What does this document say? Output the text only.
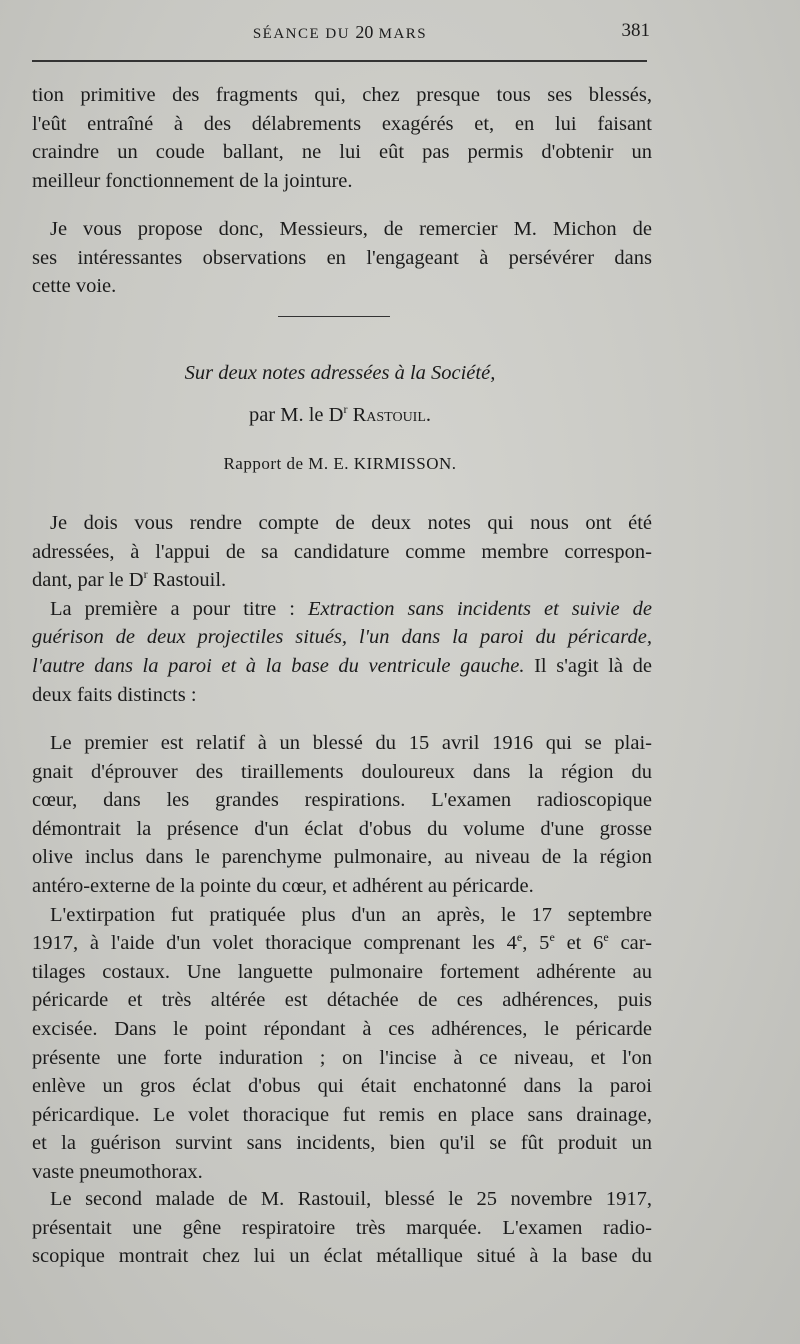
SÉANCE DU 20 MARS	381
tion primitive des fragments qui, chez presque tous ses blessés,
l'eût entraîné à des délabrements exagérés et, en lui faisant
craindre un coude ballant, ne lui eût pas permis d'obtenir un
meilleur fonctionnement de la jointure.
Je vous propose donc, Messieurs, de remercier M. Michon de
ses intéressantes observations en l'engageant à persévérer dans
cette voie.
Sur deux notes adressées à la Société,
par M. le $D^r$ Rastouil.
Rapport de M. E. KIRMISSON.
Je dois vous rendre compte de deux notes qui nous ont été
adressées, à l'appui de sa candidature comme membre correspon-
dant, par le $D^r$ Rastouil.
La première a pour titre : Extraction sans incidents et suivie de
guérison de deux projectiles situés, l'un dans la paroi du péricarde,
l'autre dans la paroi et à la base du ventricule gauche. Il s'agit là de
deux faits distincts :
Le premier est relatif à un blessé du 15 avril 1916 qui se plai-
gnait d'éprouver des tiraillements douloureux dans la région du
cœur, dans les grandes respirations. L'examen radioscopique
démontrait la présence d'un éclat d'obus du volume d'une grosse
olive inclus dans le parenchyme pulmonaire, au niveau de la région
antéro-externe de la pointe du cœur, et adhérent au péricarde.
L'extirpation fut pratiquée plus d'un an après, le 17 septembre
1917, à l'aide d'un volet thoracique comprenant les 4e, 5e et 6e car-
tilages costaux. Une languette pulmonaire fortement adhérente au
péricarde et très altérée est détachée de ces adhérences, puis
excisée. Dans le point répondant à ces adhérences, le péricarde
présente une forte induration ; on l'incise à ce niveau, et l'on
enlève un gros éclat d'obus qui était enchatonné dans la paroi
péricardique. Le volet thoracique fut remis en place sans drainage,
et la guérison survint sans incidents, bien qu'il se fût produit un
vaste pneumothorax.
Le second malade de M. Rastouil, blessé le 25 novembre 1917,
présentait une gêne respiratoire très marquée. L'examen radio-
scopique montrait chez lui un éclat métallique situé à la base du
